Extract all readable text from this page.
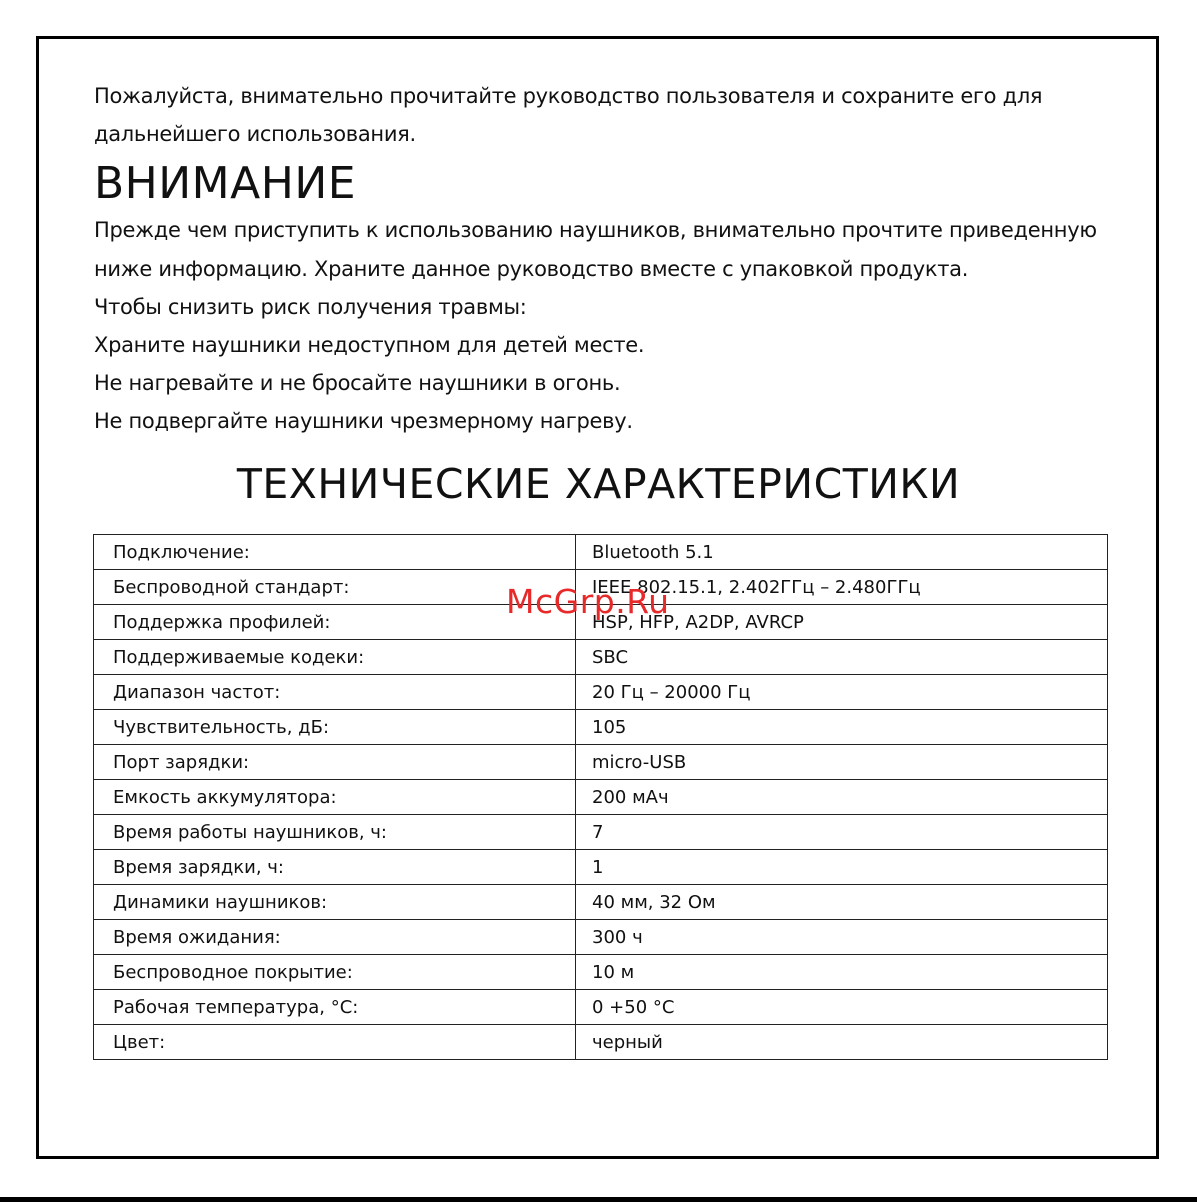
Пожалуйста, внимательно прочитайте руководство пользователя и сохраните его для

дальнейшего использования.

ВНИМАНИЕ

Прежде чем приступить к использованию наушников, внимательно прочтите приведенную

ниже информацию. Храните данное руководство вместе с упаковкой продукта.

Чтобы снизить риск получения травмы:

Храните наушники недоступном для детей месте.

Не нагревайте и не бросайте наушники в огонь.

Не подвергайте наушники чрезмерному нагреву.

ТЕХНИЧЕСКИЕ ХАРАКТЕРИСТИКИ
Подключение:	Bluetooth 5.1
Беспроводной стандарт:	IEEE 802.15.1, 2.402ГГц – 2.480ГГц
Поддержка профилей:	HSP, HFP, A2DP, AVRCP
Поддерживаемые кодеки:	SBC
Диапазон частот:	20 Гц – 20000 Гц
Чувствительность, дБ:	105
Порт зарядки:	micro-USB
Емкость аккумулятора:	200 мАч
Время работы наушников, ч:	7
Время зарядки, ч:	1
Динамики наушников:	40 мм, 32 Ом
Время ожидания:	300 ч
Беспроводное покрытие:	10 м
Рабочая температура, °С:	0 +50 °С
Цвет:	черный
McGrp.Ru
